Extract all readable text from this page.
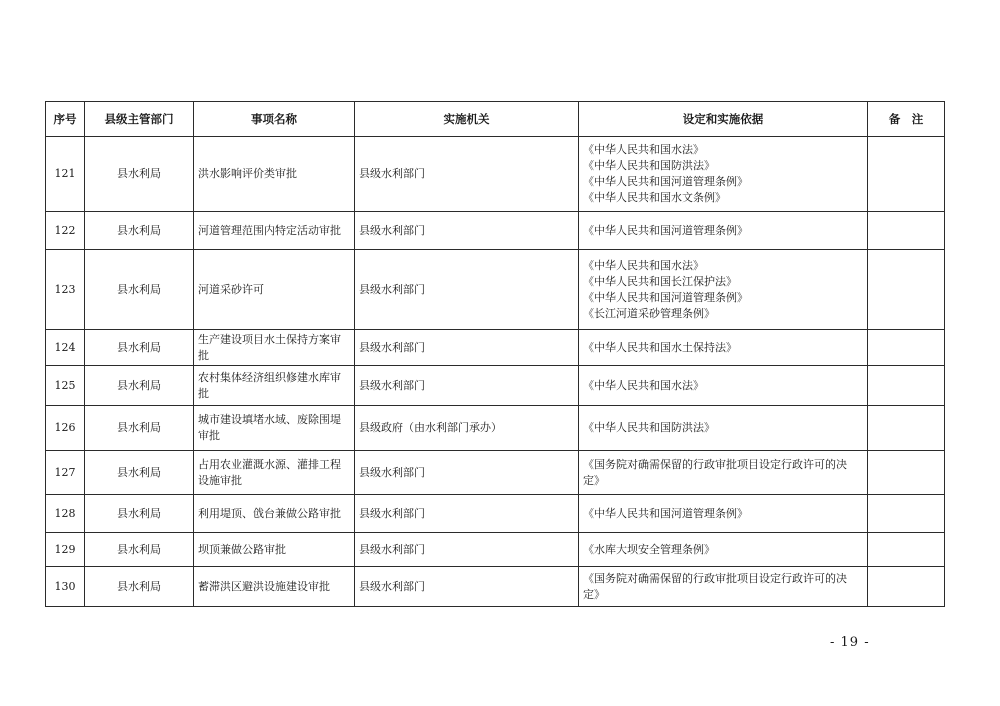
序号	县级主管部门	事项名称	实施机关	设定和实施依据	备　注
121	县水利局	洪水影响评价类审批	县级水利部门	《中华人民共和国水法》
《中华人民共和国防洪法》
《中华人民共和国河道管理条例》
《中华人民共和国水文条例》	

122	县水利局	河道管理范围内特定活动审批	县级水利部门	《中华人民共和国河道管理条例》	

123	县水利局	河道采砂许可	县级水利部门	《中华人民共和国水法》
《中华人民共和国长江保护法》
《中华人民共和国河道管理条例》
《长江河道采砂管理条例》	

124	县水利局	生产建设项目水土保持方案审批	县级水利部门	《中华人民共和国水土保持法》	

125	县水利局	农村集体经济组织修建水库审批	县级水利部门	《中华人民共和国水法》	

126	县水利局	城市建设填堵水域、废除围堤审批	县级政府（由水利部门承办）	《中华人民共和国防洪法》	

127	县水利局	占用农业灌溉水源、灌排工程设施审批	县级水利部门	《国务院对确需保留的行政审批项目设定行政许可的决定》	

128	县水利局	利用堤顶、戗台兼做公路审批	县级水利部门	《中华人民共和国河道管理条例》	

129	县水利局	坝顶兼做公路审批	县级水利部门	《水库大坝安全管理条例》	

130	县水利局	蓄滞洪区避洪设施建设审批	县级水利部门	《国务院对确需保留的行政审批项目设定行政许可的决定》	

- 19 -
